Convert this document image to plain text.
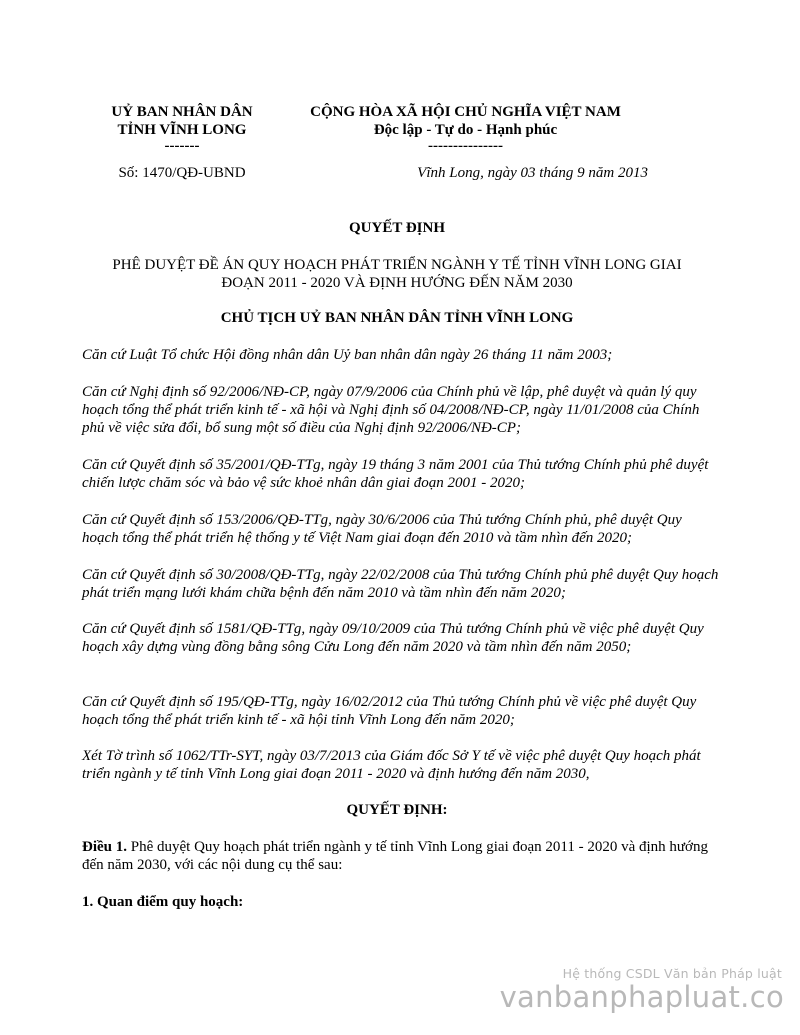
UỶ BAN NHÂN DÂN
TỈNH VĨNH LONG
-------
CỘNG HÒA XÃ HỘI CHỦ NGHĨA VIỆT NAM
Độc lập - Tự do - Hạnh phúc
---------------
Số: 1470/QĐ-UBND	Vĩnh Long, ngày 03 tháng 9 năm 2013
QUYẾT ĐỊNH
PHÊ DUYỆT ĐỀ ÁN QUY HOẠCH PHÁT TRIỂN NGÀNH Y TẾ TỈNH VĨNH LONG GIAI
ĐOẠN 2011 - 2020 VÀ ĐỊNH HƯỚNG ĐẾN NĂM 2030
CHỦ TỊCH UỶ BAN NHÂN DÂN TỈNH VĨNH LONG
Căn cứ Luật Tổ chức Hội đồng nhân dân Uỷ ban nhân dân ngày 26 tháng 11 năm 2003;
Căn cứ Nghị định số 92/2006/NĐ-CP, ngày 07/9/2006 của Chính phủ về lập, phê duyệt và quản lý quy hoạch tổng thể phát triển kinh tế - xã hội và Nghị định số 04/2008/NĐ-CP, ngày 11/01/2008 của Chính phủ về việc sửa đổi, bổ sung một số điều của Nghị định 92/2006/NĐ-CP;
Căn cứ Quyết định số 35/2001/QĐ-TTg, ngày 19 tháng 3 năm 2001 của Thủ tướng Chính phủ phê duyệt chiến lược chăm sóc và bảo vệ sức khoẻ nhân dân giai đoạn 2001 - 2020;
Căn cứ Quyết định số 153/2006/QĐ-TTg, ngày 30/6/2006 của Thủ tướng Chính phủ, phê duyệt Quy hoạch tổng thể phát triển hệ thống y tế Việt Nam giai đoạn đến 2010 và tầm nhìn đến 2020;
Căn cứ Quyết định số 30/2008/QĐ-TTg, ngày 22/02/2008 của Thủ tướng Chính phủ phê duyệt Quy hoạch phát triển mạng lưới khám chữa bệnh đến năm 2010 và tầm nhìn đến năm 2020;
Căn cứ Quyết định số 1581/QĐ-TTg, ngày 09/10/2009 của Thủ tướng Chính phủ về việc phê duyệt Quy hoạch xây dựng vùng đồng bằng sông Cửu Long đến năm 2020 và tầm nhìn đến năm 2050;
Căn cứ Quyết định số 195/QĐ-TTg, ngày 16/02/2012 của Thủ tướng Chính phủ về việc phê duyệt Quy hoạch tổng thể phát triển kinh tế - xã hội tỉnh Vĩnh Long đến năm 2020;
Xét Tờ trình số 1062/TTr-SYT, ngày 03/7/2013 của Giám đốc Sở Y tế về việc phê duyệt Quy hoạch phát triển ngành y tế tỉnh Vĩnh Long giai đoạn 2011 - 2020 và định hướng đến năm 2030,
QUYẾT ĐỊNH:
Điều 1. Phê duyệt Quy hoạch phát triển ngành y tế tỉnh Vĩnh Long giai đoạn 2011 - 2020 và định hướng đến năm 2030, với các nội dung cụ thể sau:
1. Quan điểm quy hoạch:
Hệ thống CSDL Văn bản Pháp luật
vanbanphapluat.co
